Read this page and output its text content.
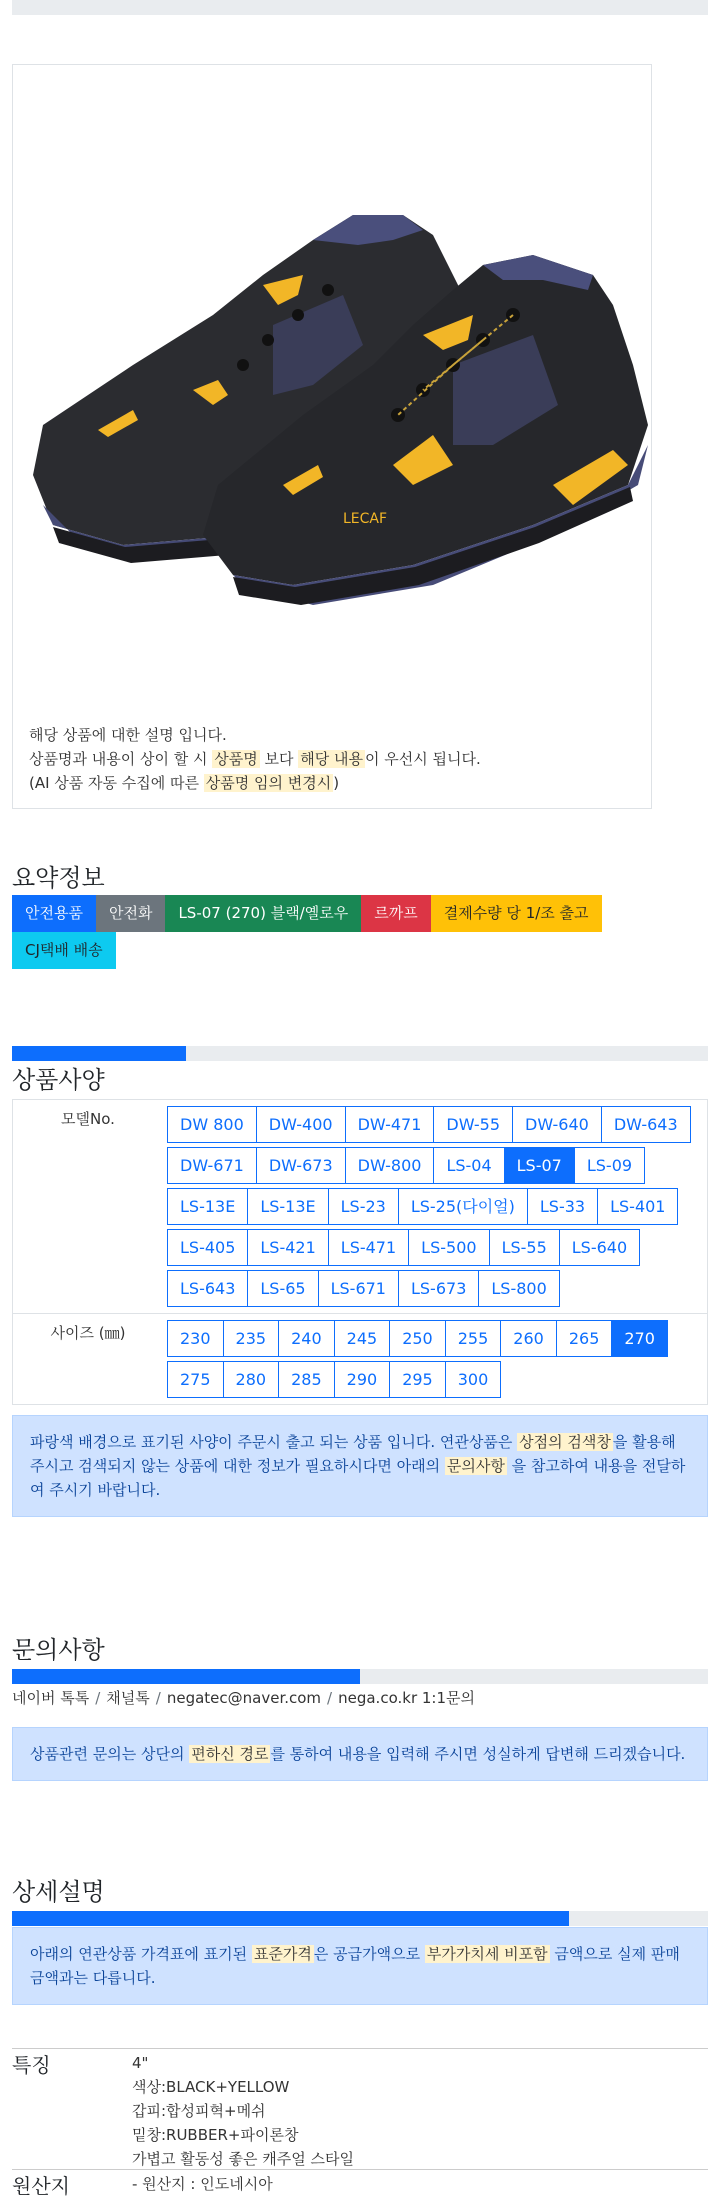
LECAF
해당 상품에 대한 설명 입니다.
상품명과 내용이 상이 할 시 상품명 보다 해당 내용 이 우선시 됩니다.
(AI 상품 자동 수집에 따른 상품명 임의 변경시 )
요약정보
안전용품	안전화	LS-07 (270) 블랙/옐로우	르까프	결제수량 당 1/조 출고
CJ택배 배송
상품사양
모델No.	DW 800	DW-400	DW-471	DW-55	DW-640	DW-643
DW-671	DW-673	DW-800	LS-04	LS-07	LS-09
LS-13E	LS-13E	LS-23	LS-25(다이얼)	LS-33	LS-401
LS-405	LS-421	LS-471	LS-500	LS-55	LS-640
LS-643	LS-65	LS-671	LS-673	LS-800
사이즈 (㎜)	230	235	240	245	250	255	260	265	270
275	280	285	290	295	300
파랑색 배경으로 표기된 사양이 주문시 출고 되는 상품 입니다. 연관상품은 상점의 검색창 을 활용해 주시고 검색되지 않는 상품에 대한 정보가 필요하시다면 아래의 문의사항 을 참고하여 내용을 전달하여 주시기 바랍니다.
문의사항
네이버 톡톡 / 채널톡 / negatec@naver.com / nega.co.kr 1:1문의
상품관련 문의는 상단의 편하신 경로 를 통하여 내용을 입력해 주시면 성실하게 답변해 드리겠습니다.
상세설명
아래의 연관상품 가격표에 표기된 표준가격 은 공급가액으로 부가가치세 비포함 금액으로 실제 판매금액과는 다릅니다.
특징	4"
색상:BLACK+YELLOW
갑피:합성피혁+메쉬
밑창:RUBBER+파이론창
가볍고 활동성 좋은 캐주얼 스타일
원산지	- 원산지 : 인도네시아
